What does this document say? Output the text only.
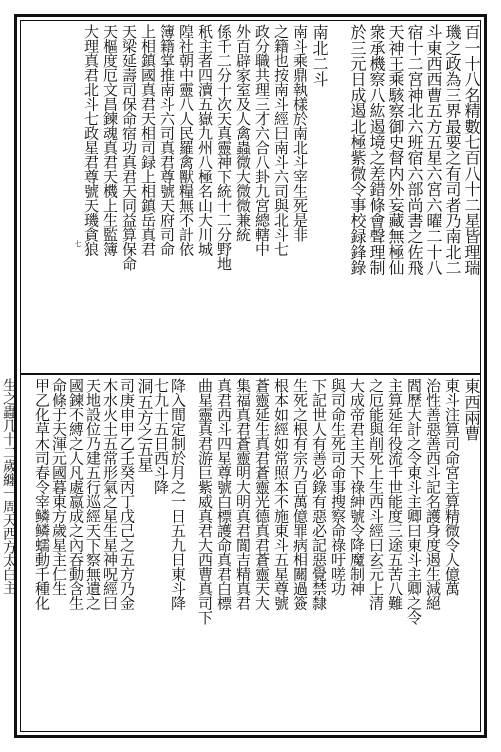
百一十八名精數七百八十二星皆理瑞
璣之政為三界最要之有司者乃南北二
斗東西西曹五方五星六宮六曜二十八
宿十二宮神北六班宿六部尚書之佐飛
天神王乘駭察御史督内外妄藏無極仙
衆承機察八紘遏境之差錯條會聲理制
於三元日成遏北極紫微令事校録鋒錄
南北二斗
南斗乘鼎執樣於南北斗宰生死是非
之籍也按南斗經曰南斗六司與北斗七
政分職共理三才六合八卦九宮總轄中
外百辟家室及人禽蟲微大微微兼統
係千二分十次天真靈神下統十二分野地
秖主者四瀆五嶽九州八極名山大川城
隍社朝中靈八人民羅禽獸糧無不計依
簿籍掌推南斗六司真君尊號天府司命
上相鎮國真君天相司録上相鎮岳真君
天梁延壽司保命宿功真君天同益算保命
天樞度厄文昌鍊魂真君天機上生監簿
大理真君北斗七政星君尊號天璣貪狼
七
東西兩曹
東斗注算司命宮主算精微令人億萬
治性善惡善西斗記名護身度遏生減絕
閻歷大計之令東斗主卿曰東斗主卿之令
主算延年役流千世能度三途五苦八難
之厄能與削死上生西斗經曰玄元上清
大成帝君主天下祿紳號令降魔制神
與司命生死司命事搜察命祿吁嗟功
下記世人有善必錄有惡必記惡覺禁隸
生死之根有宗乃百萬億罪病相關過簽
根本如經如常照本不施東斗五星尊號
蒼靈延生真君蒼靈光德真君蒼靈天大
集福真君蒼靈明大明真君閬吉精真君
真君西斗四星尊號白標護命真君白標
曲星靈真君游巨紫威真君大西曹真司下
降入間定制於月之一日五九日東斗降
七九十五日西斗降
洞五方之五星
司庚申甲乙壬癸丙丁戊己之五方乃金
木水火土五常形氣之星生星神呪經曰
天地設位乃建五行巡經天下察無遺之
國鍊不縛之人凡處嬴成之內吞動含生
命條于天渾元國暮東方歲星主仁生
甲乙化草木司春令宰鳞鳞蠕動千種化
生之蟲几十二歲纏一周天西方太白主
